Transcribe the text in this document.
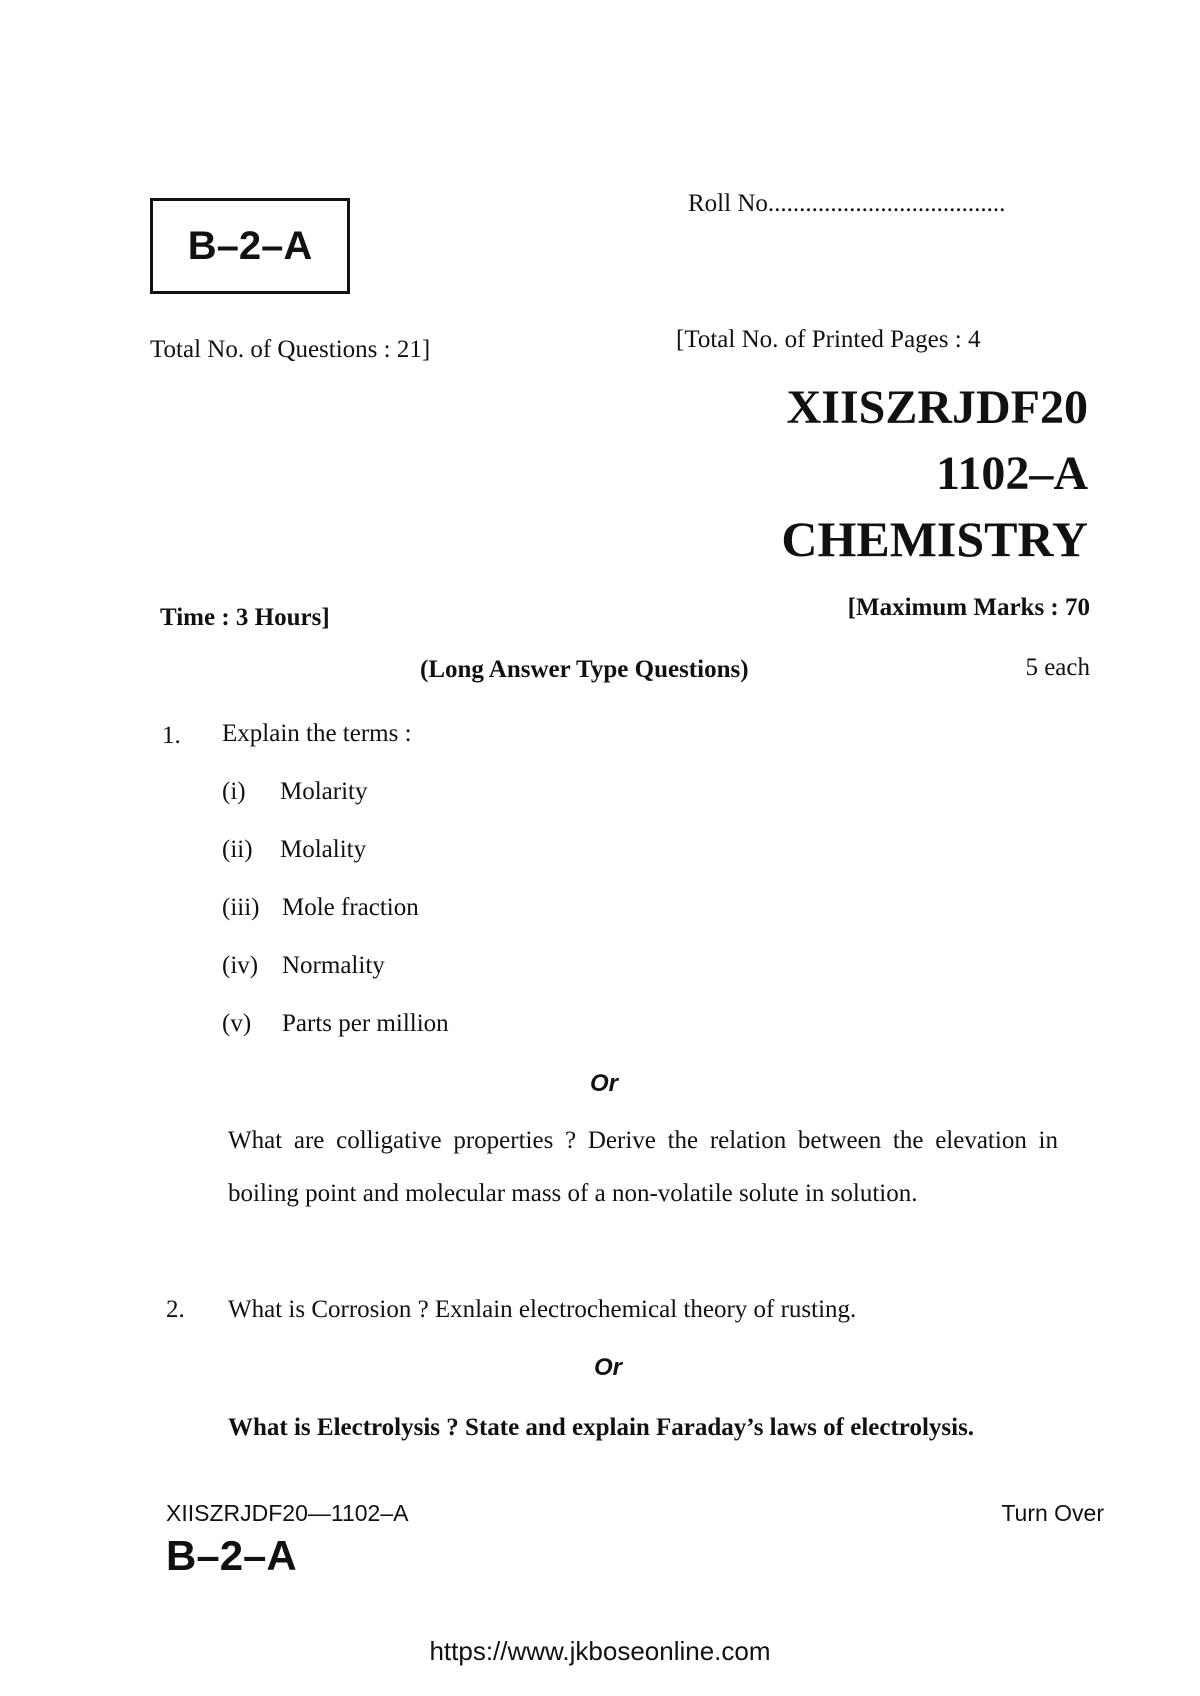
B–2–A
Roll No......................................
Total No. of Questions : 21]	[Total No. of Printed Pages : 4
XIISZRJDF20
1102–A
CHEMISTRY
Time : 3 Hours]	[Maximum Marks : 70
(Long Answer Type Questions)	5 each
1. Explain the terms :
(i) Molarity
(ii) Molality
(iii) Mole fraction
(iv) Normality
(v) Parts per million
Or
What are colligative properties ? Derive the relation between the elevation in boiling point and molecular mass of a non-volatile solute in solution.
2. What is Corrosion ? Exnlain electrochemical theory of rusting.
Or
What is Electrolysis ? State and explain Faraday’s laws of electrolysis.
XIISZRJDF20—1102–A	Turn Over
B–2–A
https://www.jkboseonline.com
